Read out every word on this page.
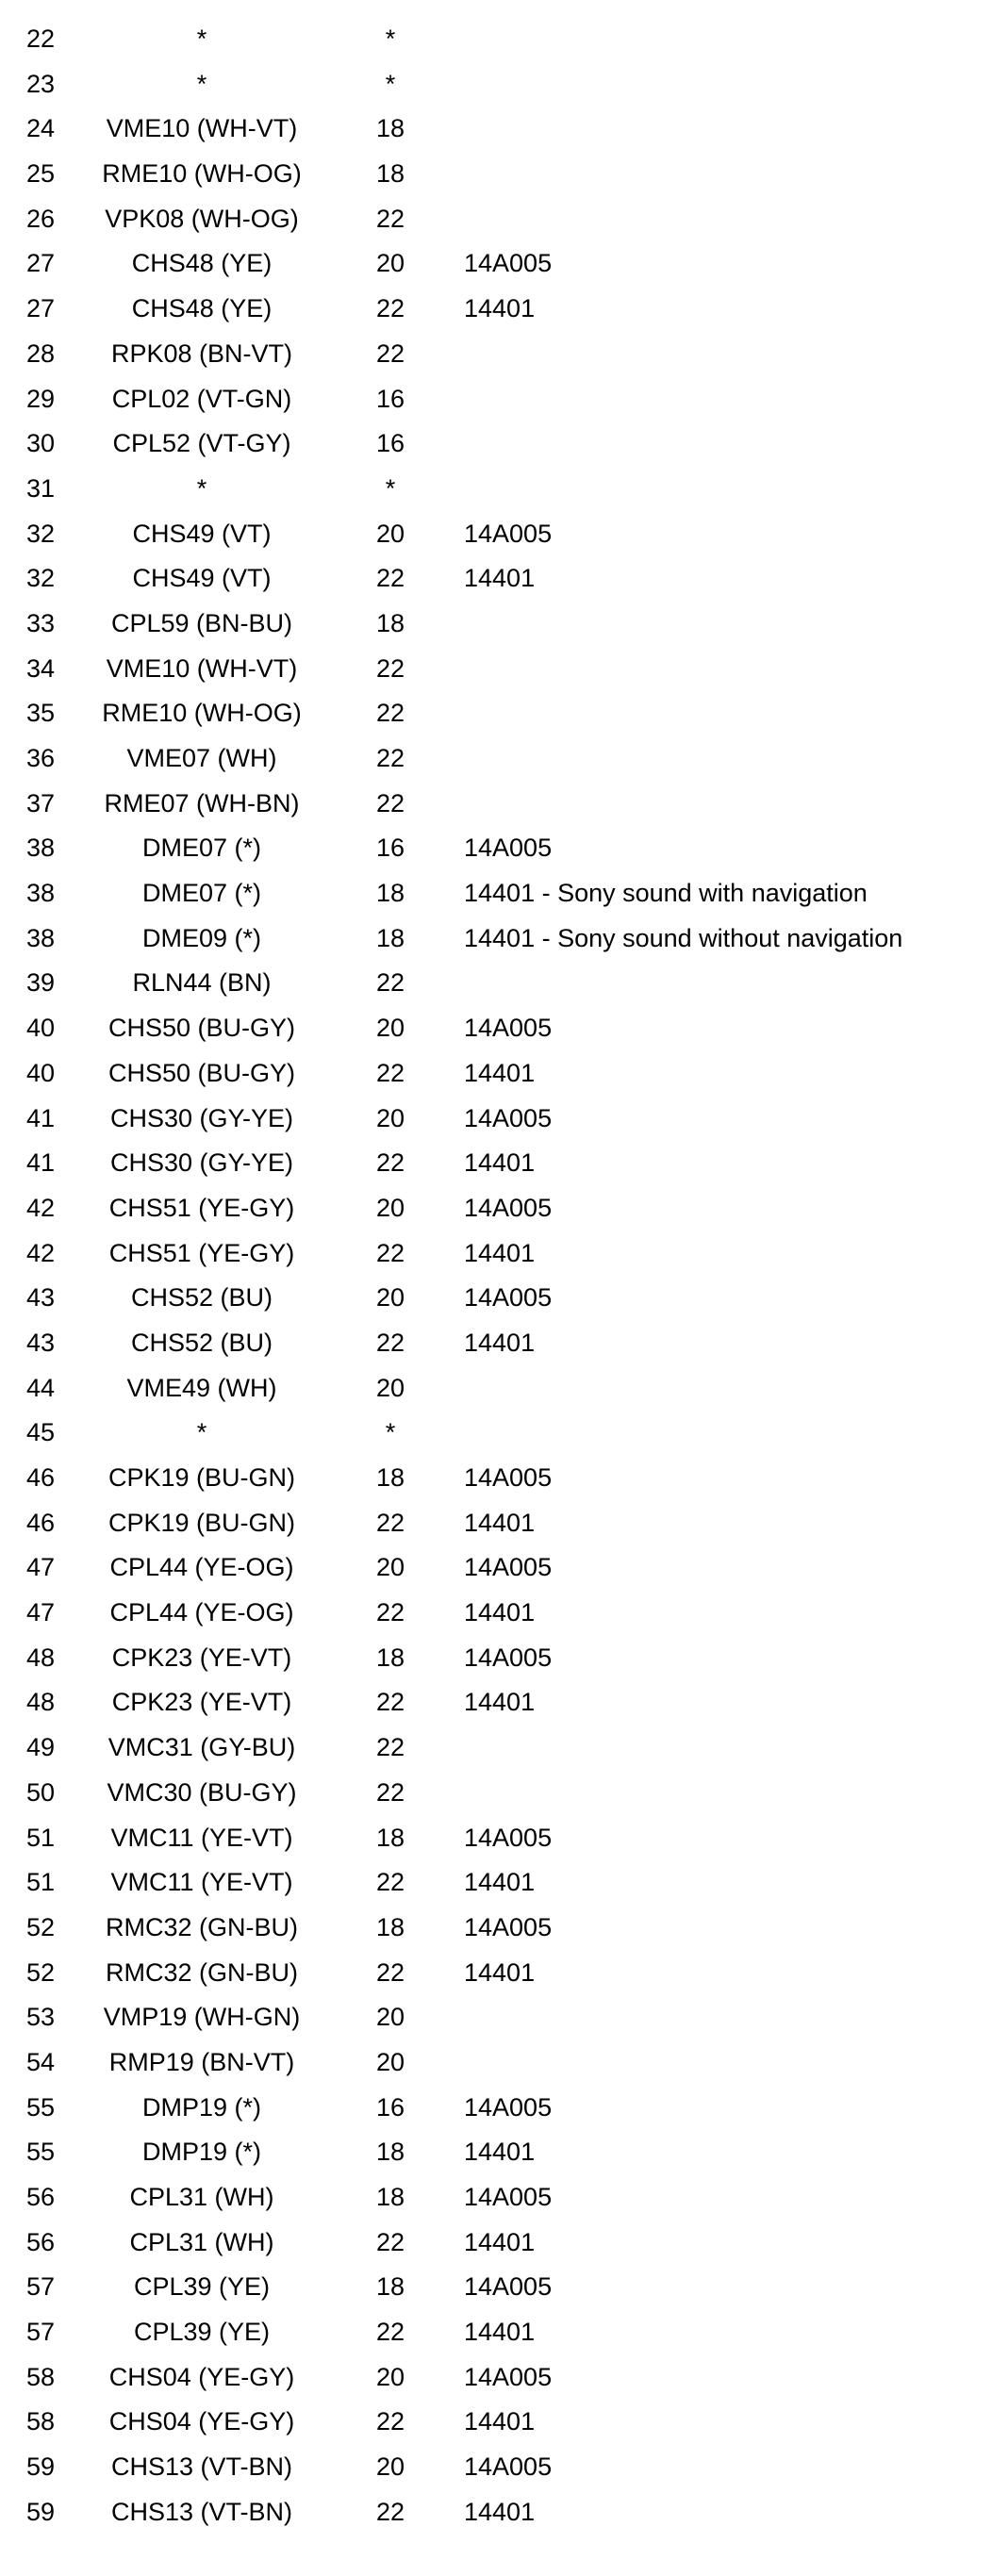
22	*	*
23	*	*
24	VME10 (WH-VT)	18
25	RME10 (WH-OG)	18
26	VPK08 (WH-OG)	22
27	CHS48 (YE)	20	14A005
27	CHS48 (YE)	22	14401
28	RPK08 (BN-VT)	22
29	CPL02 (VT-GN)	16
30	CPL52 (VT-GY)	16
31	*	*
32	CHS49 (VT)	20	14A005
32	CHS49 (VT)	22	14401
33	CPL59 (BN-BU)	18
34	VME10 (WH-VT)	22
35	RME10 (WH-OG)	22
36	VME07 (WH)	22
37	RME07 (WH-BN)	22
38	DME07 (*)	16	14A005
38	DME07 (*)	18	14401 - Sony sound with navigation
38	DME09 (*)	18	14401 - Sony sound without navigation
39	RLN44 (BN)	22
40	CHS50 (BU-GY)	20	14A005
40	CHS50 (BU-GY)	22	14401
41	CHS30 (GY-YE)	20	14A005
41	CHS30 (GY-YE)	22	14401
42	CHS51 (YE-GY)	20	14A005
42	CHS51 (YE-GY)	22	14401
43	CHS52 (BU)	20	14A005
43	CHS52 (BU)	22	14401
44	VME49 (WH)	20
45	*	*
46	CPK19 (BU-GN)	18	14A005
46	CPK19 (BU-GN)	22	14401
47	CPL44 (YE-OG)	20	14A005
47	CPL44 (YE-OG)	22	14401
48	CPK23 (YE-VT)	18	14A005
48	CPK23 (YE-VT)	22	14401
49	VMC31 (GY-BU)	22
50	VMC30 (BU-GY)	22
51	VMC11 (YE-VT)	18	14A005
51	VMC11 (YE-VT)	22	14401
52	RMC32 (GN-BU)	18	14A005
52	RMC32 (GN-BU)	22	14401
53	VMP19 (WH-GN)	20
54	RMP19 (BN-VT)	20
55	DMP19 (*)	16	14A005
55	DMP19 (*)	18	14401
56	CPL31 (WH)	18	14A005
56	CPL31 (WH)	22	14401
57	CPL39 (YE)	18	14A005
57	CPL39 (YE)	22	14401
58	CHS04 (YE-GY)	20	14A005
58	CHS04 (YE-GY)	22	14401
59	CHS13 (VT-BN)	20	14A005
59	CHS13 (VT-BN)	22	14401
